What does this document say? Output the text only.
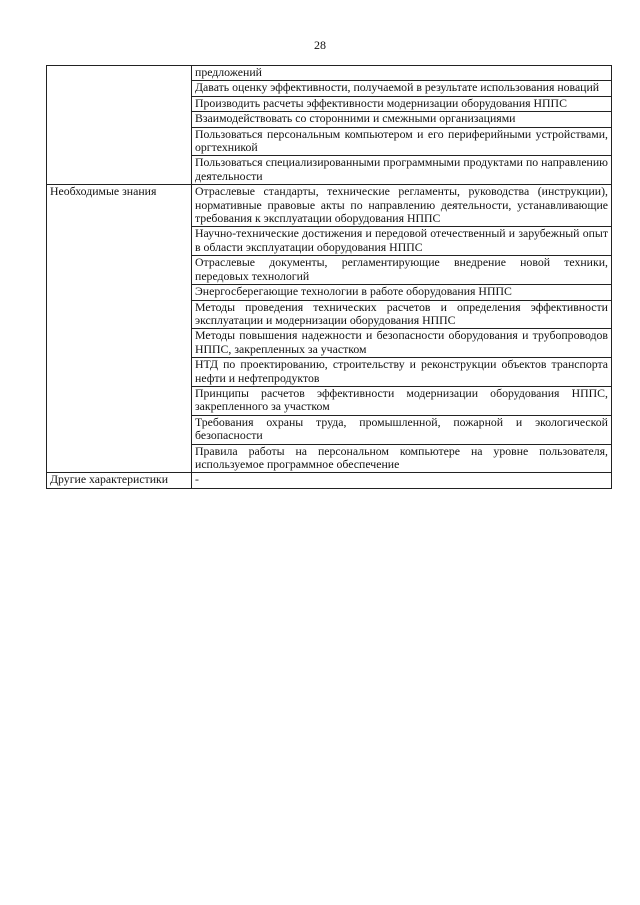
28

	предложений

	Давать оценку эффективности, получаемой в результате использования новаций

	Производить расчеты эффективности модернизации оборудования НППС

	Взаимодействовать со сторонними и смежными организациями

	Пользоваться персональным компьютером и его периферийными устройствами, оргтехникой

	Пользоваться специализированными программными продуктами по направлению деятельности

Необходимые знания	Отраслевые стандарты, технические регламенты, руководства (инструкции), нормативные правовые акты по направлению деятельности, устанавливающие требования к эксплуатации оборудования НППС

	Научно-технические достижения и передовой отечественный и зарубежный опыт в области эксплуатации оборудования НППС

	Отраслевые документы, регламентирующие внедрение новой техники, передовых технологий

	Энергосберегающие технологии в работе оборудования НППС

	Методы проведения технических расчетов и определения эффективности эксплуатации и модернизации оборудования НППС

	Методы повышения надежности и безопасности оборудования и трубопроводов НППС, закрепленных за участком

	НТД по проектированию, строительству и реконструкции объектов транспорта нефти и нефтепродуктов

	Принципы расчетов эффективности модернизации оборудования НППС, закрепленного за участком

	Требования охраны труда, промышленной, пожарной и экологической безопасности

	Правила работы на персональном компьютере на уровне пользователя, используемое программное обеспечение

Другие характеристики	-
